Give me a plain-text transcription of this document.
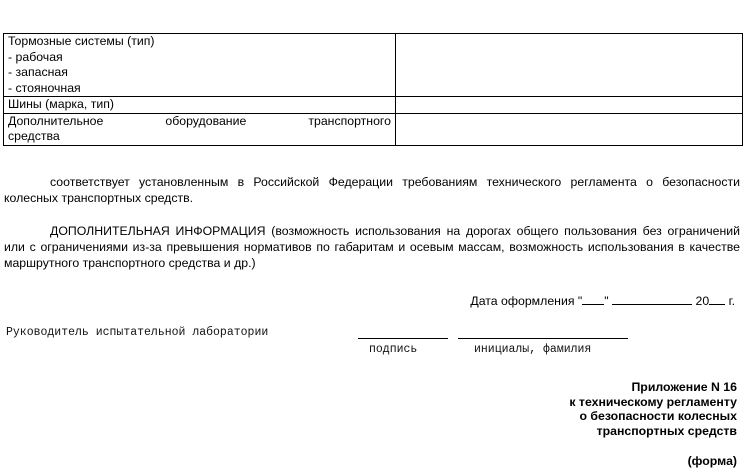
Тормозные системы (тип)
- рабочая
- запасная
- стояночная	

Шины (марка, тип)	

Дополнительное оборудование транспортного
средства	

соответствует установленным в Российской Федерации требованиям технического регламента о безопасности колесных транспортных средств.

ДОПОЛНИТЕЛЬНАЯ ИНФОРМАЦИЯ (возможность использования на дорогах общего пользования без ограничений или с ограничениями из-за превышения нормативов по габаритам и осевым массам, возможность использования в качестве маршрутного транспортного средства и др.)

Дата оформления " "	20 г.
Руководитель испытательной лаборатории
подпись	инициалы, фамилия
Приложение N 16
к техническому регламенту
о безопасности колесных
транспортных средств
(форма)
